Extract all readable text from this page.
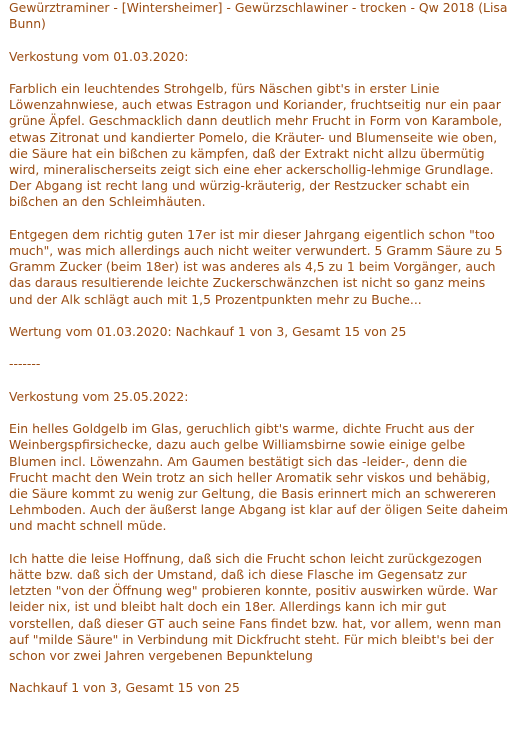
Gewürztraminer - [Wintersheimer] - Gewürzschlawiner - trocken - Qw 2018 (Lisa Bunn)

Verkostung vom 01.03.2020:

Farblich ein leuchtendes Strohgelb, fürs Näschen gibt's in erster Linie Löwenzahnwiese, auch etwas Estragon und Koriander, fruchtseitig nur ein paar grüne Äpfel. Geschmacklich dann deutlich mehr Frucht in Form von Karambole, etwas Zitronat und kandierter Pomelo, die Kräuter- und Blumenseite wie oben, die Säure hat ein bißchen zu kämpfen, daß der Extrakt nicht allzu übermütig wird, mineralischerseits zeigt sich eine eher ackerschollig-lehmige Grundlage. Der Abgang ist recht lang und würzig-kräuterig, der Restzucker schabt ein bißchen an den Schleimhäuten.

Entgegen dem richtig guten 17er ist mir dieser Jahrgang eigentlich schon "too much", was mich allerdings auch nicht weiter verwundert. 5 Gramm Säure zu 5 Gramm Zucker (beim 18er) ist was anderes als 4,5 zu 1 beim Vorgänger, auch das daraus resultierende leichte Zuckerschwänzchen ist nicht so ganz meins und der Alk schlägt auch mit 1,5 Prozentpunkten mehr zu Buche...

Wertung vom 01.03.2020: Nachkauf 1 von 3, Gesamt 15 von 25

-------

Verkostung vom 25.05.2022:

Ein helles Goldgelb im Glas, geruchlich gibt's warme, dichte Frucht aus der Weinbergspfirsichecke, dazu auch gelbe Williamsbirne sowie einige gelbe Blumen incl. Löwenzahn. Am Gaumen bestätigt sich das -leider-, denn die Frucht macht den Wein trotz an sich heller Aromatik sehr viskos und behäbig, die Säure kommt zu wenig zur Geltung, die Basis erinnert mich an schwereren Lehmboden. Auch der äußerst lange Abgang ist klar auf der öligen Seite daheim und macht schnell müde.

Ich hatte die leise Hoffnung, daß sich die Frucht schon leicht zurückgezogen hätte bzw. daß sich der Umstand, daß ich diese Flasche im Gegensatz zur letzten "von der Öffnung weg" probieren konnte, positiv auswirken würde. War leider nix, ist und bleibt halt doch ein 18er. Allerdings kann ich mir gut vorstellen, daß dieser GT auch seine Fans findet bzw. hat, vor allem, wenn man auf "milde Säure" in Verbindung mit Dickfrucht steht. Für mich bleibt's bei der schon vor zwei Jahren vergebenen Bepunktelung

Nachkauf 1 von 3, Gesamt 15 von 25
